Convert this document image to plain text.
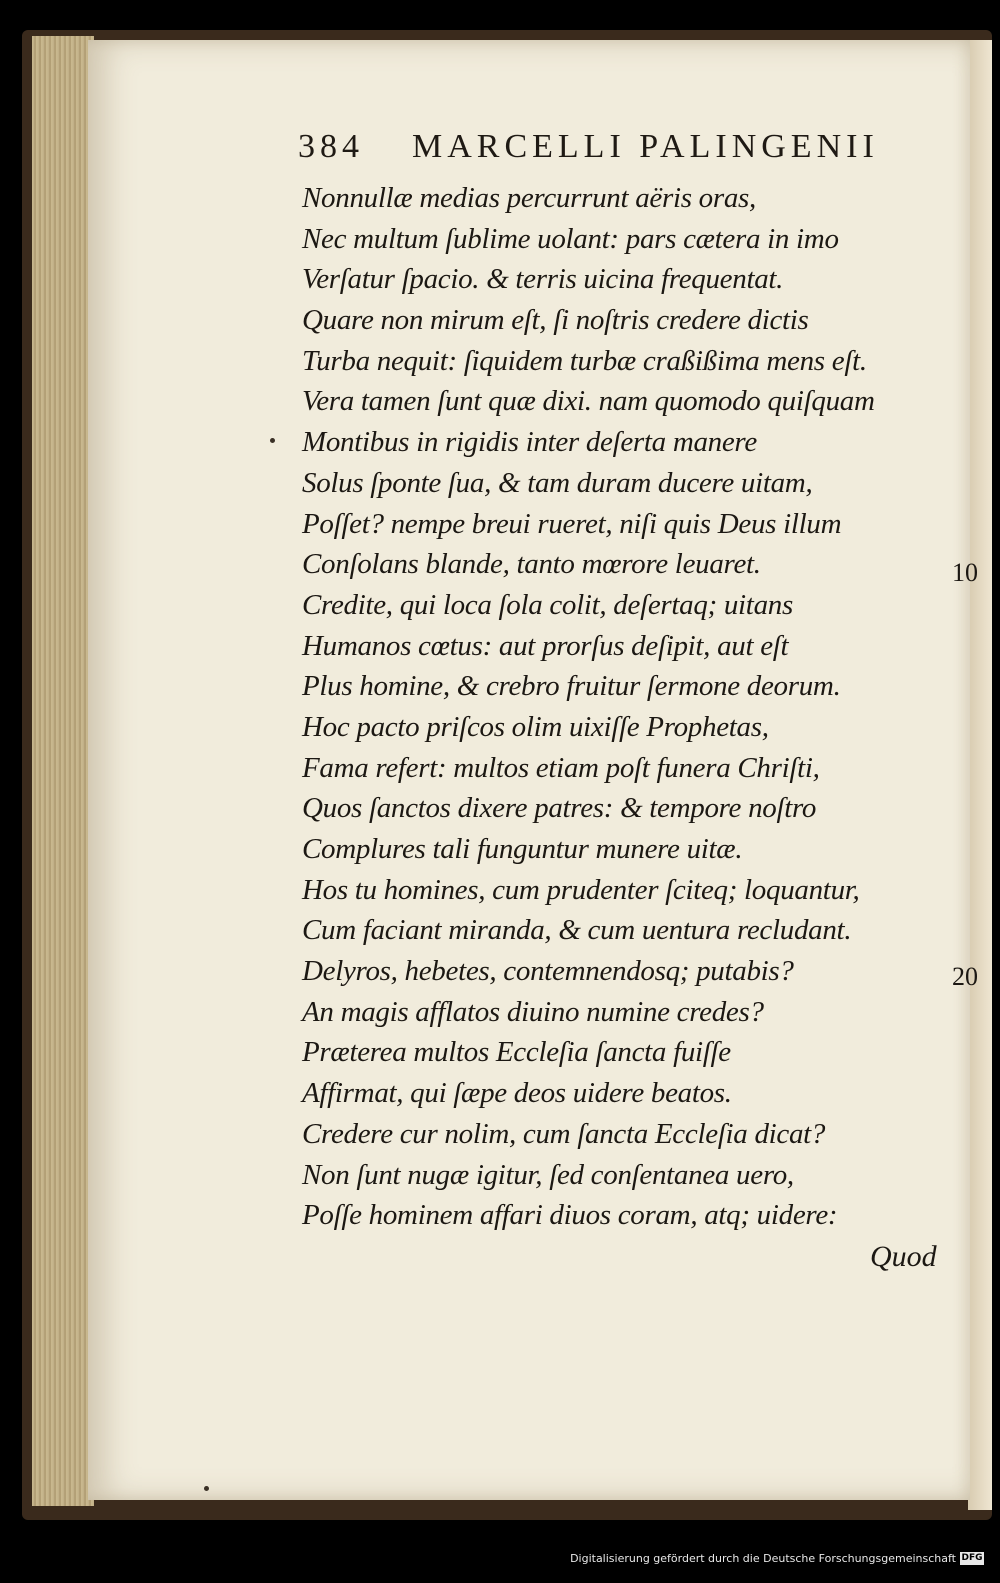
384 MARCELLI PALINGENII
Nonnullæ medias percurrunt aëris oras,
Nec multum ſublime uolant: pars cætera in imo
Verſatur ſpacio. & terris uicina frequentat.
Quare non mirum eſt, ſi noſtris credere dictis
Turba nequit: ſiquidem turbæ craßißima mens eſt.
Vera tamen ſunt quæ dixi. nam quomodo quiſquam
Montibus in rigidis inter deſerta manere
Solus ſponte ſua, & tam duram ducere uitam,
Poſſet? nempe breui rueret, niſi quis Deus illum
Conſolans blande, tanto mœrore leuaret.
Credite, qui loca ſola colit, deſertaq; uitans
Humanos cœtus: aut prorſus deſipit, aut eſt
Plus homine, & crebro fruitur ſermone deorum.
Hoc pacto priſcos olim uixiſſe Prophetas,
Fama refert: multos etiam poſt funera Chriſti,
Quos ſanctos dixere patres: & tempore noſtro
Complures tali funguntur munere uitæ.
Hos tu homines, cum prudenter ſciteq; loquantur,
Cum faciant miranda, & cum uentura recludant.
Delyros, hebetes, contemnendosq; putabis?
An magis afflatos diuino numine credes?
Præterea multos Eccleſia ſancta fuiſſe
Affirmat, qui ſæpe deos uidere beatos.
Credere cur nolim, cum ſancta Eccleſia dicat?
Non ſunt nugæ igitur, ſed conſentanea uero,
Poſſe hominem affari diuos coram, atq; uidere:
10
20
Quod
Digitalisierung gefördert durch die Deutsche Forschungsgemeinschaft DFG
